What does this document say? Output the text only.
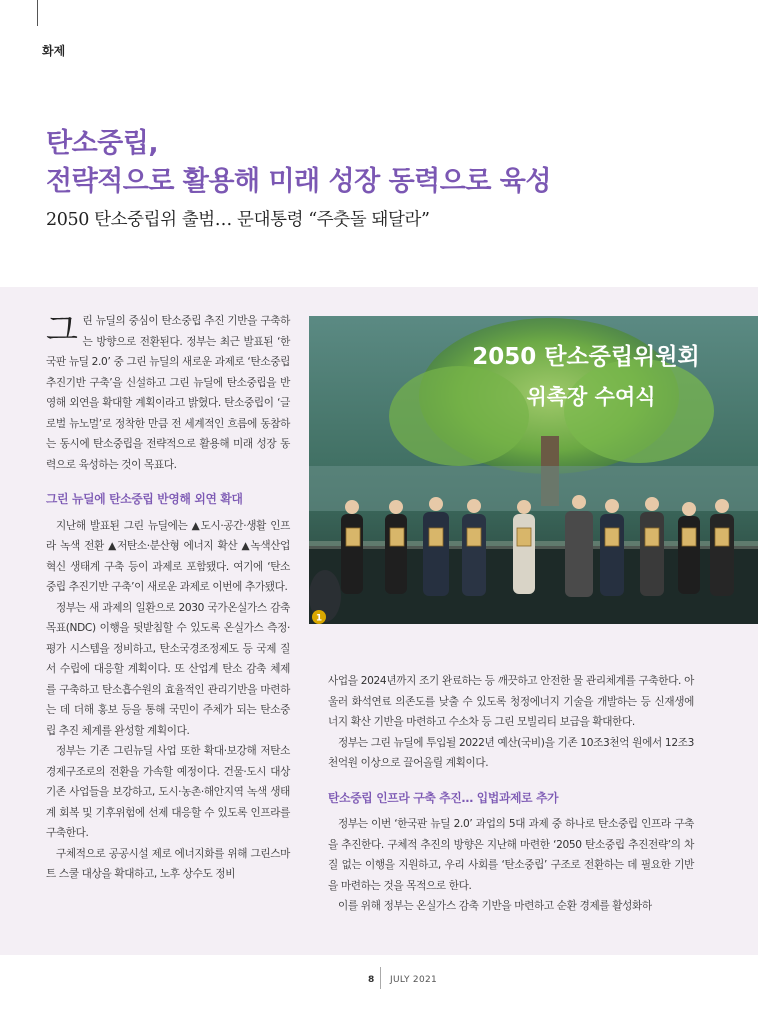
화제
탄소중립,
전략적으로 활용해 미래 성장 동력으로 육성
2050 탄소중립위 출범… 문대통령 “주춧돌 돼달라”

그린 뉴딜의 중심이 탄소중립 추진 기반을 구축하는 방향으로 전환된다. 정부는 최근 발표된 ‘한국판 뉴딜 2.0’ 중 그린 뉴딜의 새로운 과제로 ‘탄소중립 추진기반 구축’을 신설하고 그린 뉴딜에 탄소중립을 반영해 외연을 확대할 계획이라고 밝혔다. 탄소중립이 ‘글로벌 뉴노멀’로 정착한 만큼 전 세계적인 흐름에 동참하는 동시에 탄소중립을 전략적으로 활용해 미래 성장 동력으로 육성하는 것이 목표다.

그린 뉴딜에 탄소중립 반영해 외연 확대

지난해 발표된 그린 뉴딜에는 ▲도시·공간·생활 인프라 녹색 전환 ▲저탄소·분산형 에너지 확산 ▲녹색산업 혁신 생태계 구축 등이 과제로 포함됐다. 여기에 ‘탄소중립 추진기반 구축’이 새로운 과제로 이번에 추가됐다.

정부는 새 과제의 일환으로 2030 국가온실가스 감축목표(NDC) 이행을 뒷받침할 수 있도록 온실가스 측정·평가 시스템을 정비하고, 탄소국경조정제도 등 국제 질서 수립에 대응할 계획이다. 또 산업계 탄소 감축 체제를 구축하고 탄소흡수원의 효율적인 관리기반을 마련하는 데 더해 홍보 등을 통해 국민이 주체가 되는 탄소중립 추진 체계를 완성할 계획이다.

정부는 기존 그린뉴딜 사업 또한 확대·보강해 저탄소 경제구조로의 전환을 가속할 예정이다. 건물·도시 대상 기존 사업들을 보강하고, 도시·농촌·해안지역 녹색 생태계 회복 및 기후위험에 선제 대응할 수 있도록 인프라를 구축한다.

구체적으로 공공시설 제로 에너지화를 위해 그린스마트 스쿨 대상을 확대하고, 노후 상수도 정비

2050 탄소중립위원회
위촉장 수여식
1

사업을 2024년까지 조기 완료하는 등 깨끗하고 안전한 물 관리체계를 구축한다. 아울러 화석연료 의존도를 낮출 수 있도록 청정에너지 기술을 개발하는 등 신재생에너지 확산 기반을 마련하고 수소차 등 그린 모빌리티 보급을 확대한다.

정부는 그린 뉴딜에 투입될 2022년 예산(국비)을 기존 10조3천억 원에서 12조3천억원 이상으로 끌어올릴 계획이다.

탄소중립 인프라 구축 추진… 입법과제로 추가

정부는 이번 ‘한국판 뉴딜 2.0’ 과업의 5대 과제 중 하나로 탄소중립 인프라 구축을 추진한다. 구체적 추진의 방향은 지난해 마련한 ‘2050 탄소중립 추진전략’의 차질 없는 이행을 지원하고, 우리 사회를 ‘탄소중립’ 구조로 전환하는 데 필요한 기반을 마련하는 것을 목적으로 한다.

이를 위해 정부는 온실가스 감축 기반을 마련하고 순환 경제를 활성화하

8 JULY 2021
